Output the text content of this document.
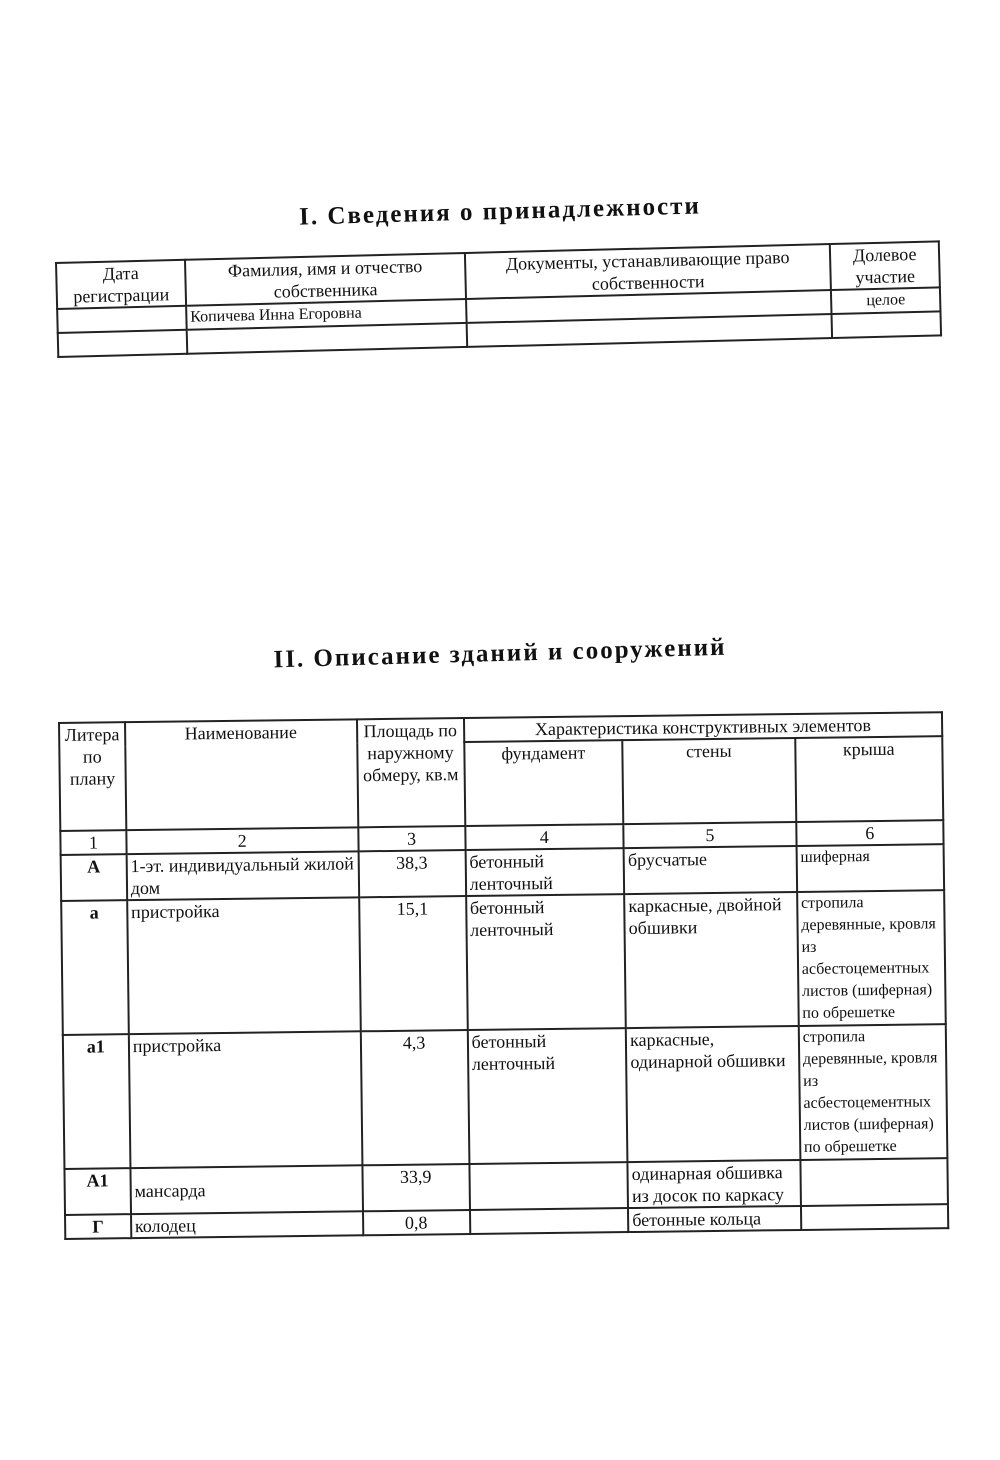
I. Сведения о принадлежности
Дата регистрации	Фамилия, имя и отчество собственника	Документы, устанавливающие право собственности	Долевое участие
	Копичева Инна Егоровна		целое

II. Описание зданий и сооружений
Литера по плану	Наименование	Площадь по наружному обмеру, кв.м	Характеристика конструктивных элементов		
			фундамент	стены	крыша
1	2	3	4	5	6
А	1-эт. индивидуальный жилой дом	38,3	бетонный ленточный	брусчатые	шиферная
а	пристройка	15,1	бетонный ленточный	каркасные, двойной обшивки	стропила деревянные, кровля из асбестоцементных листов (шиферная) по обрешетке
а1	пристройка	4,3	бетонный ленточный	каркасные, одинарной обшивки	стропила деревянные, кровля из асбестоцементных листов (шиферная) по обрешетке
А1	мансарда	33,9		одинарная обшивка из досок по каркасу	
Г	колодец	0,8		бетонные кольца	
